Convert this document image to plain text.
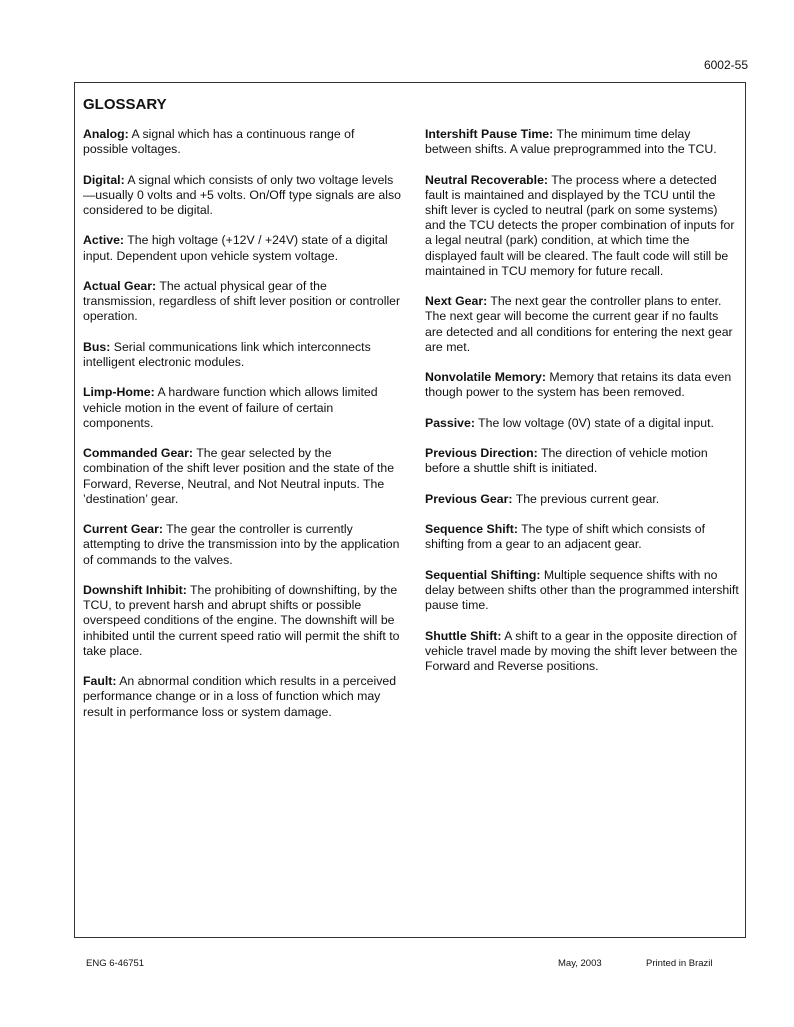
6002-55
GLOSSARY

Analog: A signal which has a continuous range of possible voltages.

Digital: A signal which consists of only two voltage levels—usually 0 volts and +5 volts. On/Off type signals are also considered to be digital.

Active: The high voltage (+12V / +24V) state of a digital input. Dependent upon vehicle system voltage.

Actual Gear: The actual physical gear of the transmission, regardless of shift lever position or controller operation.

Bus: Serial communications link which interconnects intelligent electronic modules.

Limp-Home: A hardware function which allows limited vehicle motion in the event of failure of certain components.

Commanded Gear: The gear selected by the combination of the shift lever position and the state of the Forward, Reverse, Neutral, and Not Neutral inputs. The ’destination’ gear.

Current Gear: The gear the controller is currently attempting to drive the transmission into by the application of commands to the valves.

Downshift Inhibit: The prohibiting of downshifting, by the TCU, to prevent harsh and abrupt shifts or possible overspeed conditions of the engine. The downshift will be inhibited until the current speed ratio will permit the shift to take place.

Fault: An abnormal condition which results in a perceived performance change or in a loss of function which may result in performance loss or system damage.

Intershift Pause Time: The minimum time delay between shifts. A value preprogrammed into the TCU.

Neutral Recoverable: The process where a detected fault is maintained and displayed by the TCU until the shift lever is cycled to neutral (park on some systems) and the TCU detects the proper combination of inputs for a legal neutral (park) condition, at which time the displayed fault will be cleared. The fault code will still be maintained in TCU memory for future recall.

Next Gear: The next gear the controller plans to enter. The next gear will become the current gear if no faults are detected and all conditions for entering the next gear are met.

Nonvolatile Memory: Memory that retains its data even though power to the system has been removed.

Passive: The low voltage (0V) state of a digital input.

Previous Direction: The direction of vehicle motion before a shuttle shift is initiated.

Previous Gear: The previous current gear.

Sequence Shift: The type of shift which consists of shifting from a gear to an adjacent gear.

Sequential Shifting: Multiple sequence shifts with no delay between shifts other than the programmed intershift pause time.

Shuttle Shift: A shift to a gear in the opposite direction of vehicle travel made by moving the shift lever between the Forward and Reverse positions.

ENG 6-46751	May, 2003	Printed in Brazil
